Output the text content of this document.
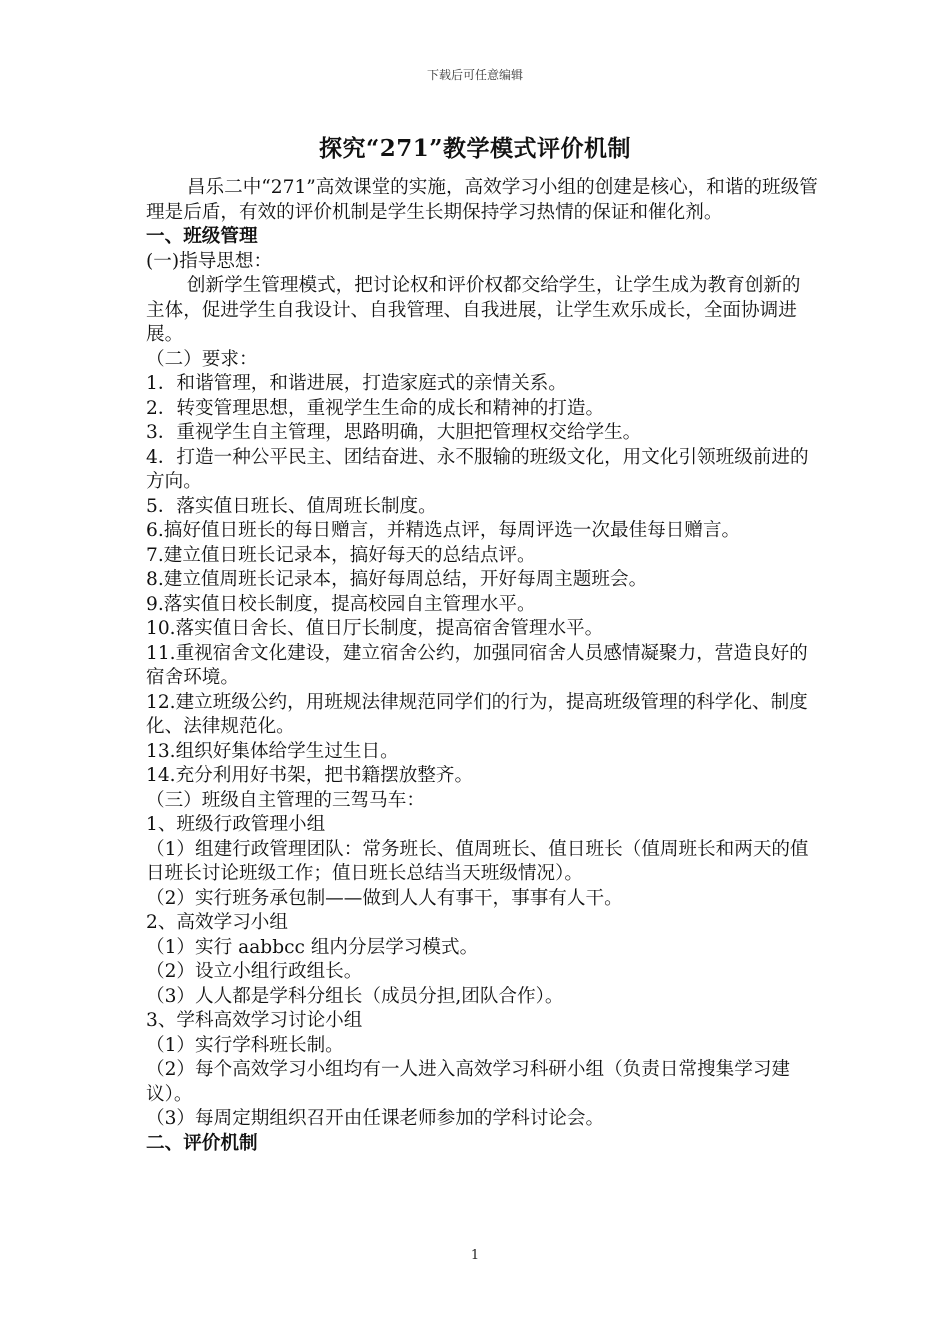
下载后可任意编辑
探究“271”教学模式评价机制

昌乐二中“271”高效课堂的实施，高效学习小组的创建是核心，和谐的班级管理是后盾，有效的评价机制是学生长期保持学习热情的保证和催化剂。

一、班级管理

(一)指导思想：

创新学生管理模式，把讨论权和评价权都交给学生，让学生成为教育创新的主体，促进学生自我设计、自我管理、自我进展，让学生欢乐成长，全面协调进展。

（二）要求：

1．和谐管理，和谐进展，打造家庭式的亲情关系。

2．转变管理思想，重视学生生命的成长和精神的打造。

3．重视学生自主管理，思路明确，大胆把管理权交给学生。

4．打造一种公平民主、团结奋进、永不服输的班级文化，用文化引领班级前进的方向。

5．落实值日班长、值周班长制度。

6.搞好值日班长的每日赠言，并精选点评，每周评选一次最佳每日赠言。

7.建立值日班长记录本，搞好每天的总结点评。

8.建立值周班长记录本，搞好每周总结，开好每周主题班会。

9.落实值日校长制度，提高校园自主管理水平。

10.落实值日舍长、值日厅长制度，提高宿舍管理水平。

11.重视宿舍文化建设，建立宿舍公约，加强同宿舍人员感情凝聚力，营造良好的宿舍环境。

12.建立班级公约，用班规法律规范同学们的行为，提高班级管理的科学化、制度化、法律规范化。

13.组织好集体给学生过生日。

14.充分利用好书架，把书籍摆放整齐。

（三）班级自主管理的三驾马车：

1、班级行政管理小组

（1）组建行政管理团队：常务班长、值周班长、值日班长（值周班长和两天的值日班长讨论班级工作；值日班长总结当天班级情况）。

（2）实行班务承包制——做到人人有事干，事事有人干。

2、高效学习小组

（1）实行 aabbcc 组内分层学习模式。

（2）设立小组行政组长。

（3）人人都是学科分组长（成员分担,团队合作）。

3、学科高效学习讨论小组

（1）实行学科班长制。

（2）每个高效学习小组均有一人进入高效学习科研小组（负责日常搜集学习建议）。

（3）每周定期组织召开由任课老师参加的学科讨论会。

二、评价机制

1
